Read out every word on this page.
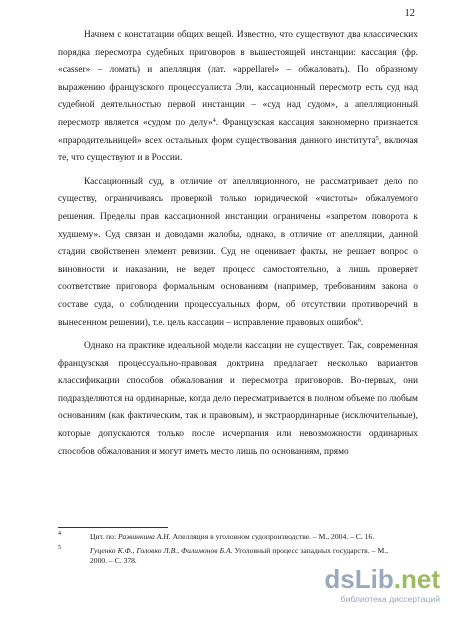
12

Начнем с констатации общих вещей. Известно, что существуют два классических порядка пересмотра судебных приговоров в вышестоящей инстанции: кассация (фр. «casser» – ломать) и апелляция (лат. «appellarel» – обжаловать). По образному выражению французского процессуалиста Эли, кассационный пересмотр есть суд над судебной деятельностью первой инстанции – «суд над судом», а апелляционный пересмотр является «судом по делу»$^4$. Французская кассация закономерно признается «прародительницей» всех остальных форм существования данного института$^5$, включая те, что существуют и в России.

Кассационный суд, в отличие от апелляционного, не рассматривает дело по существу, ограничиваясь проверкой только юридической «чистоты» обжалуемого решения. Пределы прав кассационной инстанции ограничены «запретом поворота к худшему». Суд связан и доводами жалобы, однако, в отличие от апелляции, данной стадии свойственен элемент ревизии. Суд не оценивает факты, не решает вопрос о виновности и наказании, не ведет процесс самостоятельно, а лишь проверяет соответствие приговора формальным основаниям (например, требованиям закона о составе суда, о соблюдении процессуальных форм, об отсутствии противоречий в вынесенном решении), т.е. цель кассации – исправление правовых ошибок$^6$.

Однако на практике идеальной модели кассации не существует. Так, современная французская процессуально-правовая доктрина предлагает несколько вариантов классификации способов обжалования и пересмотра приговоров. Во-первых, они подразделяются на ординарные, когда дело пересматривается в полном объеме по любым основаниям (как фактическим, так и правовым), и экстраординарные (исключительные), которые допускаются только после исчерпания или невозможности ординарных способов обжалования и могут иметь место лишь по основаниям, прямо

4	Цит. по: Развинкина А.Н. Апелляция в уголовном судопроизводстве. – М., 2004. – С. 16.
5	Гуценко К.Ф., Головко Л.В., Филимонов Б.А. Уголовный процесс западных государств. – М., 2000. – С. 378.
dsLib.net
библиотека диссертаций
